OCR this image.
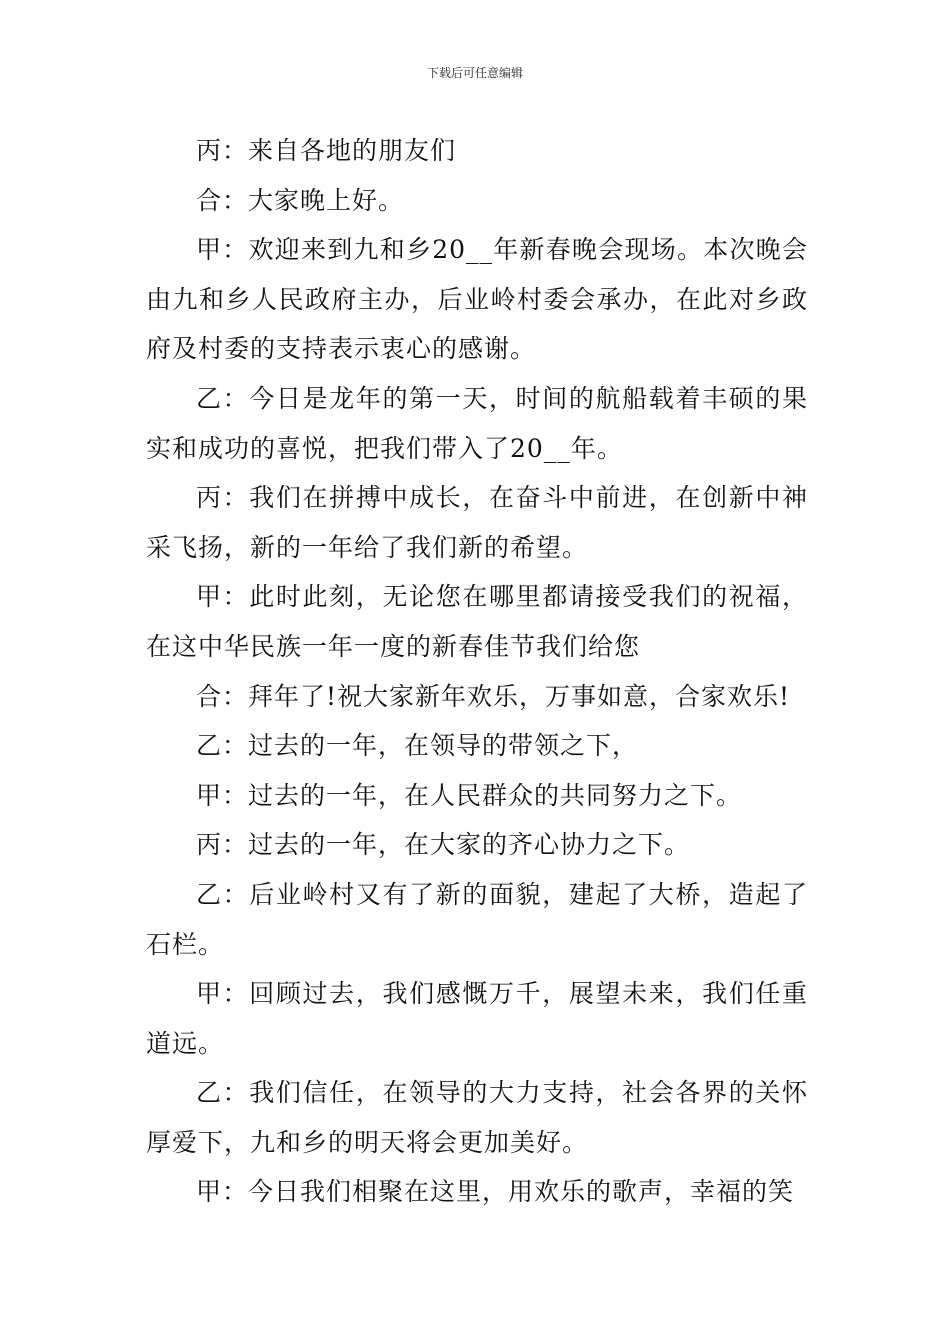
下载后可任意编辑

丙：来自各地的朋友们

合：大家晚上好。

甲：欢迎来到九和乡20__年新春晚会现场。本次晚会由九和乡人民政府主办，后业岭村委会承办，在此对乡政府及村委的支持表示衷心的感谢。

乙：今日是龙年的第一天，时间的航船载着丰硕的果实和成功的喜悦，把我们带入了20__年。

丙：我们在拼搏中成长，在奋斗中前进，在创新中神采飞扬，新的一年给了我们新的希望。

甲：此时此刻，无论您在哪里都请接受我们的祝福，在这中华民族一年一度的新春佳节我们给您

合：拜年了!祝大家新年欢乐，万事如意，合家欢乐!

乙：过去的一年，在领导的带领之下，

甲：过去的一年，在人民群众的共同努力之下。

丙：过去的一年，在大家的齐心协力之下。

乙：后业岭村又有了新的面貌，建起了大桥，造起了石栏。

甲：回顾过去，我们感慨万千，展望未来，我们任重道远。

乙：我们信任，在领导的大力支持，社会各界的关怀厚爱下，九和乡的明天将会更加美好。

甲：今日我们相聚在这里，用欢乐的歌声，幸福的笑
